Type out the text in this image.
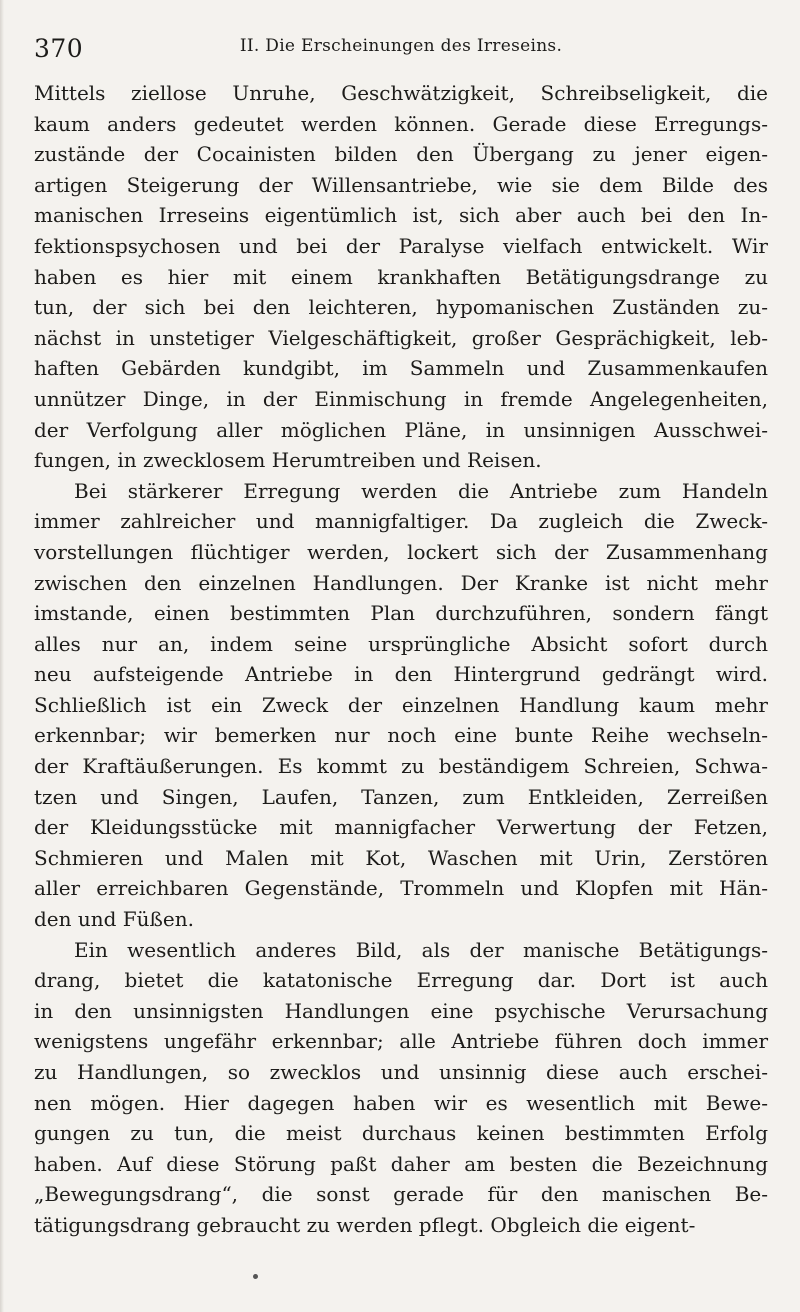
370	II. Die Erscheinungen des Irreseins.
Mittels ziellose Unruhe, Geschwätzigkeit, Schreibseligkeit, die
kaum anders gedeutet werden können. Gerade diese Erregungs-
zustände der Cocainisten bilden den Übergang zu jener eigen-
artigen Steigerung der Willensantriebe, wie sie dem Bilde des
manischen Irreseins eigentümlich ist, sich aber auch bei den In-
fektionspsychosen und bei der Paralyse vielfach entwickelt. Wir
haben es hier mit einem krankhaften Betätigungsdrange zu
tun, der sich bei den leichteren, hypomanischen Zuständen zu-
nächst in unstetiger Vielgeschäftigkeit, großer Gesprächigkeit, leb-
haften Gebärden kundgibt, im Sammeln und Zusammenkaufen
unnützer Dinge, in der Einmischung in fremde Angelegenheiten,
der Verfolgung aller möglichen Pläne, in unsinnigen Ausschwei-
fungen, in zwecklosem Herumtreiben und Reisen.
Bei stärkerer Erregung werden die Antriebe zum Handeln
immer zahlreicher und mannigfaltiger. Da zugleich die Zweck-
vorstellungen flüchtiger werden, lockert sich der Zusammenhang
zwischen den einzelnen Handlungen. Der Kranke ist nicht mehr
imstande, einen bestimmten Plan durchzuführen, sondern fängt
alles nur an, indem seine ursprüngliche Absicht sofort durch
neu aufsteigende Antriebe in den Hintergrund gedrängt wird.
Schließlich ist ein Zweck der einzelnen Handlung kaum mehr
erkennbar; wir bemerken nur noch eine bunte Reihe wechseln-
der Kraftäußerungen. Es kommt zu beständigem Schreien, Schwa-
tzen und Singen, Laufen, Tanzen, zum Entkleiden, Zerreißen
der Kleidungsstücke mit mannigfacher Verwertung der Fetzen,
Schmieren und Malen mit Kot, Waschen mit Urin, Zerstören
aller erreichbaren Gegenstände, Trommeln und Klopfen mit Hän-
den und Füßen.
Ein wesentlich anderes Bild, als der manische Betätigungs-
drang, bietet die katatonische Erregung dar. Dort ist auch
in den unsinnigsten Handlungen eine psychische Verursachung
wenigstens ungefähr erkennbar; alle Antriebe führen doch immer
zu Handlungen, so zwecklos und unsinnig diese auch erschei-
nen mögen. Hier dagegen haben wir es wesentlich mit Bewe-
gungen zu tun, die meist durchaus keinen bestimmten Erfolg
haben. Auf diese Störung paßt daher am besten die Bezeichnung
„Bewegungsdrang“, die sonst gerade für den manischen Be-
tätigungsdrang gebraucht zu werden pflegt. Obgleich die eigent-
